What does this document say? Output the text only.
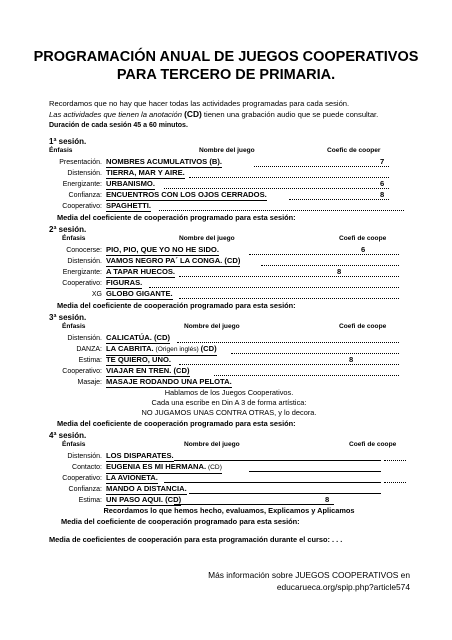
PROGRAMACIÓN ANUAL DE JUEGOS COOPERATIVOS
PARA TERCERO DE PRIMARIA.
Recordamos que no hay que hacer todas las actividades programadas para cada sesión.
Las actividades que tienen la anotación (CD) tienen una grabación audio que se puede consultar.
Duración de cada sesión 45 a 60 minutos.
1ª sesión.
Énfasis	Nombre del juego	Coefic de cooper
Presentación. NOMBRES ACUMULATIVOS (B).	7
Distensión. TIERRA, MAR Y AIRE.
Energizante: URBANISMO.	6
Confianza: ENCUENTROS CON LOS OJOS CERRADOS.	8
Cooperativo: SPAGHETTI.
Media del coeficiente de cooperación programado para esta sesión:
2ª sesión.
Énfasis	Nombre del juego	Coefi de coope
Conocerse: PIO, PIO, QUE YO NO HE SIDO.	6
Distensión. VAMOS NEGRO PA´ LA CONGA. (CD)
Energizante: A TAPAR HUECOS.	8
Cooperativo: FIGURAS.
XG GLOBO GIGANTE.
Media del coeficiente de cooperación programado para esta sesión:
3ª sesión.
Énfasis	Nombre del juego	Coefi de coope
Distensión. CALICATÚA. (CD)
DANZA: LA CABRITA. (Origen inglés) (CD)
Estima: TE QUIERO, UNO.	8
Cooperativo: VIAJAR EN TREN. (CD)
Masaje: MASAJE RODANDO UNA PELOTA.
Hablamos de los Juegos Cooperativos.
Cada una escribe en Din A 3 de forma artística:
NO JUGAMOS UNAS CONTRA OTRAS, y lo decora.
Media del coeficiente de cooperación programado para esta sesión:
4ª sesión.
Énfasis	Nombre del juego	Coefi de coope
Distensión. LOS DISPARATES.
Contacto: EUGENIA ES MI HERMANA. (CD)
Cooperativo: LA AVIONETA.
Confianza: MANDO A DISTANCIA.
Estima: UN PASO AQUI. (CD)	8
Recordamos lo que hemos hecho, evaluamos, Explicamos y Aplicamos
Media del coeficiente de cooperación programado para esta sesión:
Media de coeficientes de cooperación para esta programación durante el curso: . . .
Más información sobre JUEGOS COOPERATIVOS en
educarueca.org/spip.php?article574
